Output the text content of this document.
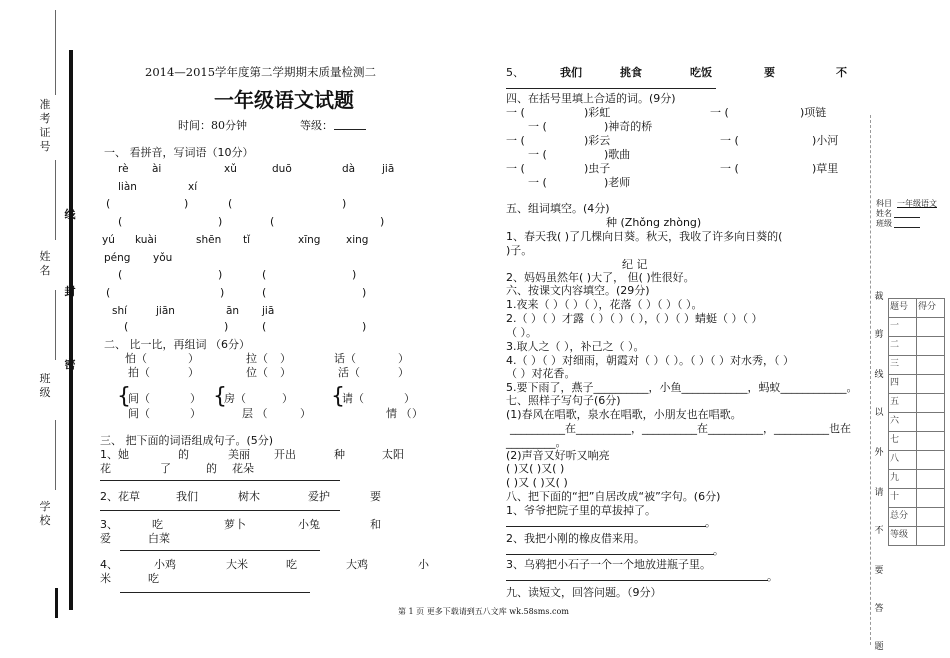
准考证号
姓名
班 级
学校
线
封
密
2014—2015学年度第二学期期末质量检测二
一年级语文试题
时间：80分钟	等级：
一、 看拼音，写词语（10分）
rè ài	xǔ	duō	dà	jiā
liàn	xí
(	)	(	)
(	)	(	)
yú kuài	shēn tǐ	xīng xing
péng yǒu
(	)	(	)
(	)	(	)
shí	jiān	ān jiā
(	)	(	)
二、 比一比，再组词 （6分）
怕（	）	拉（ ）	话（	）
拍（	）	位（ ）	活（	）
{
间（	）
间（	）
{
房（	）
层 （	）
{
请（	）
情 （ ）
三、 把下面的词语组成句子。(5分)
1、她	的	美丽 开出	种	太阳
花	了	的 花朵
2、花草	我们	树木	爱护	要
3、	吃	萝卜	小兔	和
爱	白菜
4、	小鸡	大米	吃	大鸡	小
米	吃
5、	我们	挑食	吃饭	要	不
四、在括号里填上合适的词。(9分)
一 (	)彩虹	一 (	)项链
一 (	)神奇的桥
一 (	)彩云	一 (	)小河
一 (	)歌曲
一 (	)虫子	一 (	)草里
一 (	)老师
五、组词填空。(4分)
种 (Zhǒng zhòng)
1、春天我( )了几棵向日葵。秋天，我收了许多向日葵的(
)子。
纪 记
2、妈妈虽然年( )大了， 但( )性很好。
六、按课文内容填空。(29分)
1.夜来（ ）（ ）（ ），花落（ ）（ ）（ ）。
2.（ ）（ ）才露（ ）（ ）（ ），（ ）（ ）蜻蜓（ ）（ ）
（ ）。
3.取人之（ ），补己之（ ）。
4.（ ）（ ）对细雨，朝霞对（ ）（ ）。（ ）（ ）对水秀，（ ）
（ ）对花香。
5.要下雨了，燕子__________，小鱼____________，蚂蚁____________。
七、照样子写句子(6分)
(1)春风在唱歌，泉水在唱歌，小朋友也在唱歌。
__________在__________，__________在__________，__________也在
_________。
(2)声音又好听又响亮
( )又( )又( )
( )又 ( )又( )
八、把下面的“把”自居改成“被”字句。(6分)
1、爷爷把院子里的草拔掉了。
。
2、我把小刚的橡皮借来用。
。
3、乌鸦把小石子一个一个地放进瓶子里。
。
九、读短文，回答问题。（9分）
第 1 页 更多下载请到五八文库 wk.58sms.com
科目 一年级语文
姓名
班级
裁
剪
线
以
外
请
不
要
答
题
题号	得分
一	
二	
三	
四	
五	
六	
七	
八	
九	
十	
总分	
等级	
